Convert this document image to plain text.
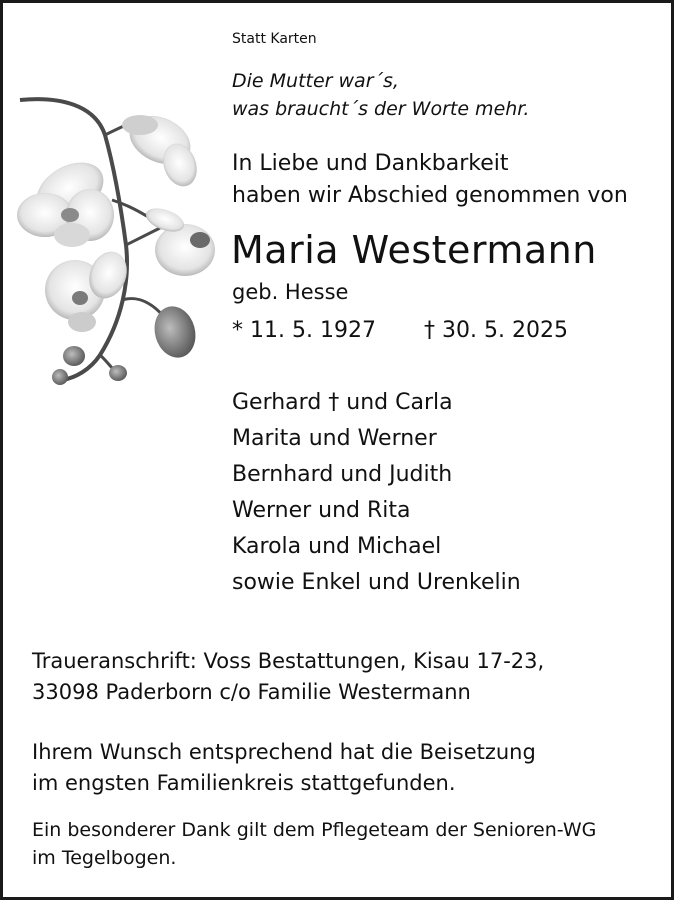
Statt Karten
Die Mutter war´s,
was braucht´s der Worte mehr.
In Liebe und Dankbarkeit
haben wir Abschied genommen von
Maria Westermann
geb. Hesse
* 11. 5. 1927 † 30. 5. 2025
Gerhard † und Carla
Marita und Werner
Bernhard und Judith
Werner und Rita
Karola und Michael
sowie Enkel und Urenkelin
Traueranschrift: Voss Bestattungen, Kisau 17-23,
33098 Paderborn c/o Familie Westermann
Ihrem Wunsch entsprechend hat die Beisetzung
im engsten Familienkreis stattgefunden.
Ein besonderer Dank gilt dem Pflegeteam der Senioren-WG
im Tegelbogen.
